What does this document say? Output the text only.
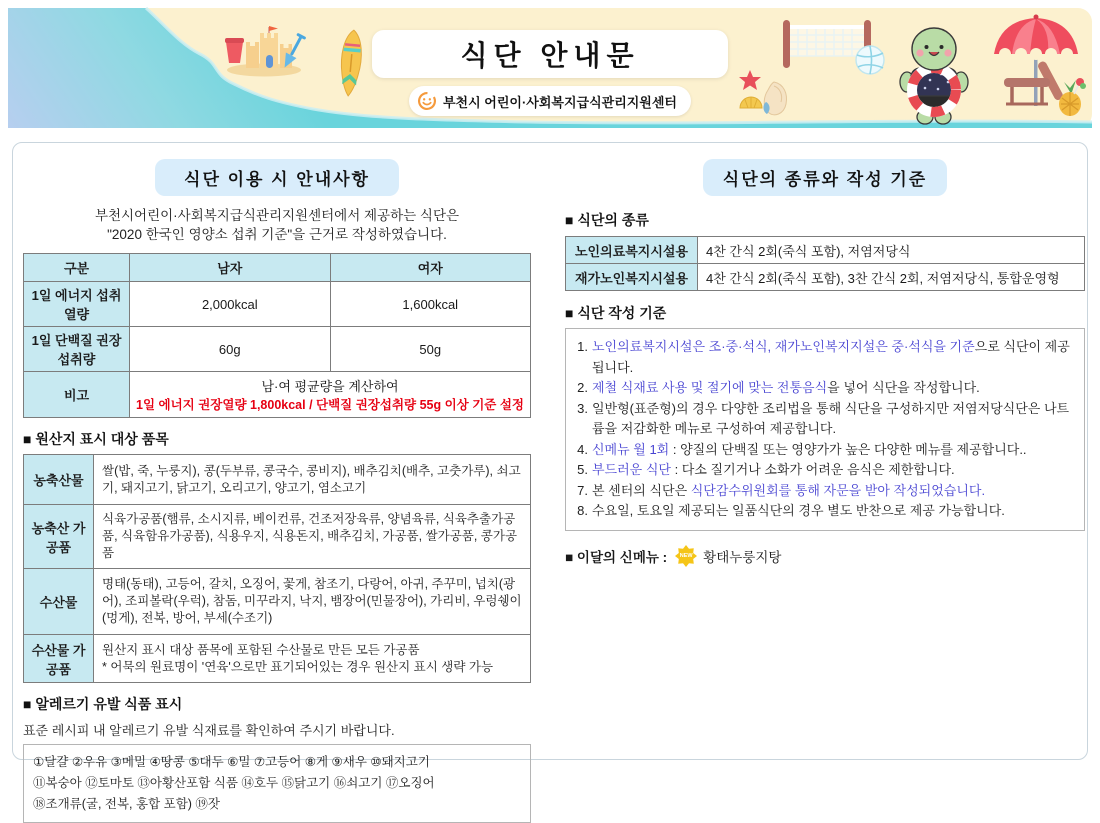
식단 안내문
부천시 어린이·사회복지급식관리지원센터
식단 이용 시 안내사항
부천시어린이·사회복지급식관리지원센터에서 제공하는 식단은
"2020 한국인 영양소 섭취 기준"을 근거로 작성하였습니다.
구분	남자	여자
1일 에너지 섭취 열량	2,000kcal	1,600kcal
1일 단백질 권장섭취량	60g	50g
비고	남·여 평균량을 계산하여
1일 에너지 권장열량 1,800kcal / 단백질 권장섭취량 55g 이상 기준 설정	
■ 원산지 표시 대상 품목
농축산물	쌀(밥, 죽, 누룽지), 콩(두부류, 콩국수, 콩비지), 배추김치(배추, 고춧가루), 쇠고기, 돼지고기, 닭고기, 오리고기, 양고기, 염소고기
농축산 가공품	식육가공품(햄류, 소시지류, 베이컨류, 건조저장육류, 양념육류, 식육추출가공품, 식육함유가공품), 식용우지, 식용돈지, 배추김치, 가공품, 쌀가공품, 콩가공품
수산물	명태(동태), 고등어, 갈치, 오징어, 꽃게, 참조기, 다랑어, 아귀, 주꾸미, 넙치(광어), 조피볼락(우럭), 참돔, 미꾸라지, 낙지, 뱀장어(민물장어), 가리비, 우렁쉥이(멍게), 전복, 방어, 부세(수조기)
수산물 가공품	원산지 표시 대상 품목에 포함된 수산물로 만든 모든 가공품
* 어묵의 원료명이 '연육'으로만 표기되어있는 경우 원산지 표시 생략 가능
■ 알레르기 유발 식품 표시
표준 레시피 내 알레르기 유발 식재료를 확인하여 주시기 바랍니다.
①달걀 ②우유 ③메밀 ④땅콩 ⑤대두 ⑥밀 ⑦고등어 ⑧게 ⑨새우 ⑩돼지고기
⑪복숭아 ⑫토마토 ⑬아황산포함 식품 ⑭호두 ⑮닭고기 ⑯쇠고기 ⑰오징어
⑱조개류(굴, 전복, 홍합 포함) ⑲잣
식단의 종류와 작성 기준
■ 식단의 종류
노인의료복지시설용	4찬 간식 2회(죽식 포함), 저염저당식
재가노인복지시설용	4찬 간식 2회(죽식 포함), 3찬 간식 2회, 저염저당식, 통합운영형
■ 식단 작성 기준
1. 노인의료복지시설은 조·중·석식, 재가노인복지지설은 중·석식을 기준으로 식단이 제공됩니다.
2. 제철 식재료 사용 및 절기에 맞는 전통음식을 넣어 식단을 작성합니다.
3. 일반형(표준형)의 경우 다양한 조리법을 통해 식단을 구성하지만 저염저당식단은 나트륨을 저감화한 메뉴로 구성하여 제공합니다.
4. 신메뉴 월 1회 : 양질의 단백질 또는 영양가가 높은 다양한 메뉴를 제공합니다..
5. 부드러운 식단 : 다소 질기거나 소화가 어려운 음식은 제한합니다.
7. 본 센터의 식단은 식단감수위원회를 통해 자문을 받아 작성되었습니다.
8. 수요일, 토요일 제공되는 일품식단의 경우 별도 반찬으로 제공 가능합니다.
■ 이달의 신메뉴 :	NEW 황태누룽지탕
